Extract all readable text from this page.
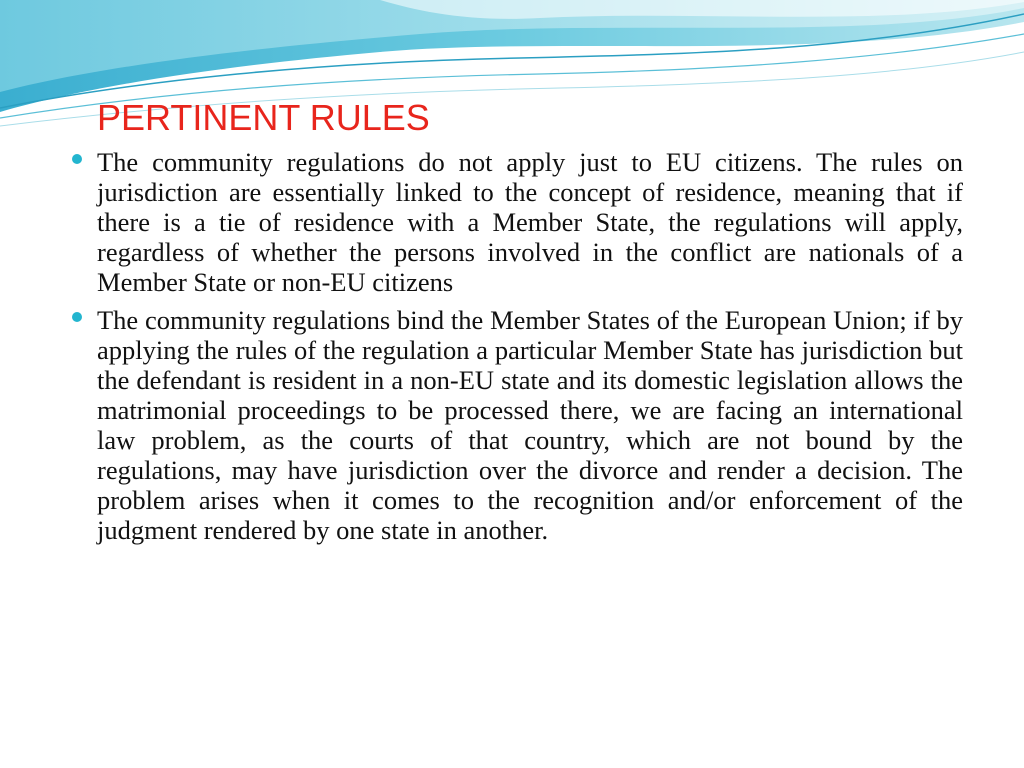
PERTINENT RULES
The community regulations do not apply just to EU citizens. The rules on jurisdiction are essentially linked to the concept of residence, meaning that if there is a tie of residence with a Member State, the regulations will apply, regardless of whether the persons involved in the conflict are nationals of a Member State or non-EU citizens
The community regulations bind the Member States of the European Union; if by applying the rules of the regulation a particular Member State has jurisdiction but the defendant is resident in a non-EU state and its domestic legislation allows the matrimonial proceedings to be processed there, we are facing an international law problem, as the courts of that country, which are not bound by the regulations, may have jurisdiction over the divorce and render a decision. The problem arises when it comes to the recognition and/or enforcement of the judgment rendered by one state in another.
